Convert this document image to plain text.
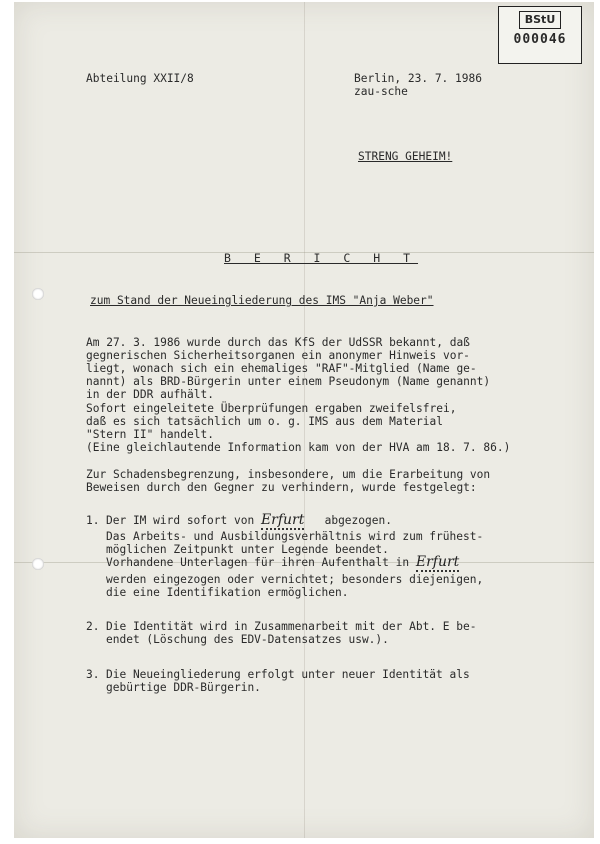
BStU
000046
Abteilung XXII/8	Berlin, 23. 7. 1986
zau-sche
STRENG GEHEIM!
B E R I C H T
zum Stand der Neueingliederung des IMS "Anja Weber"
Am 27. 3. 1986 wurde durch das KfS der UdSSR bekannt, daß
gegnerischen Sicherheitsorganen ein anonymer Hinweis vor-
liegt, wonach sich ein ehemaliges "RAF"-Mitglied (Name ge-
nannt) als BRD-Bürgerin unter einem Pseudonym (Name genannt)
in der DDR aufhält.
Sofort eingeleitete Überprüfungen ergaben zweifelsfrei,
daß es sich tatsächlich um o. g. IMS aus dem Material
"Stern II" handelt.
(Eine gleichlautende Information kam von der HVA am 18. 7. 86.)
Zur Schadensbegrenzung, insbesondere, um die Erarbeitung von
Beweisen durch den Gegner zu verhindern, wurde festgelegt:
1. Der IM wird sofort von Erfurt abgezogen.
Das Arbeits- und Ausbildungsverhältnis wird zum frühest-
möglichen Zeitpunkt unter Legende beendet.
Vorhandene Unterlagen für ihren Aufenthalt in Erfurt
werden eingezogen oder vernichtet; besonders diejenigen,
die eine Identifikation ermöglichen.
2. Die Identität wird in Zusammenarbeit mit der Abt. E be-
endet (Löschung des EDV-Datensatzes usw.).
3. Die Neueingliederung erfolgt unter neuer Identität als
gebürtige DDR-Bürgerin.
